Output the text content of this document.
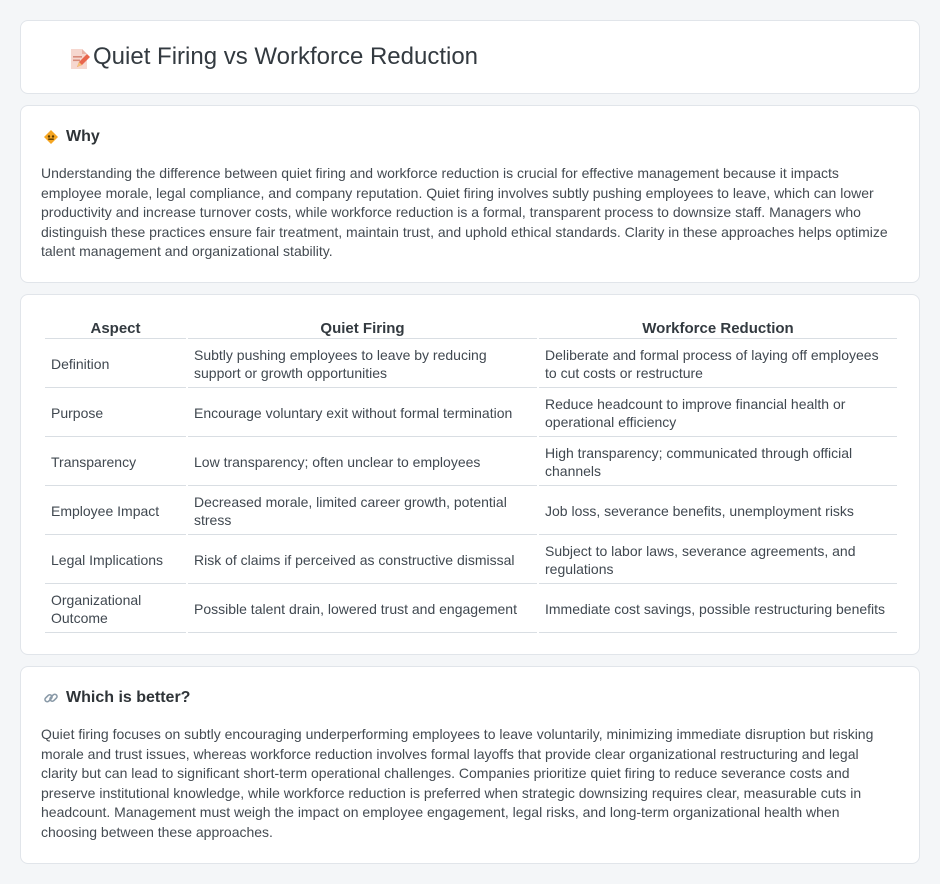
Quiet Firing vs Workforce Reduction
Why

Understanding the difference between quiet firing and workforce reduction is crucial for effective management because it impacts employee morale, legal compliance, and company reputation. Quiet firing involves subtly pushing employees to leave, which can lower productivity and increase turnover costs, while workforce reduction is a formal, transparent process to downsize staff. Managers who distinguish these practices ensure fair treatment, maintain trust, and uphold ethical standards. Clarity in these approaches helps optimize talent management and organizational stability.

Aspect	Quiet Firing	Workforce Reduction
Definition	Subtly pushing employees to leave by reducing support or growth opportunities	Deliberate and formal process of laying off employees to cut costs or restructure
Purpose	Encourage voluntary exit without formal termination	Reduce headcount to improve financial health or operational efficiency
Transparency	Low transparency; often unclear to employees	High transparency; communicated through official channels
Employee Impact	Decreased morale, limited career growth, potential stress	Job loss, severance benefits, unemployment risks
Legal Implications	Risk of claims if perceived as constructive dismissal	Subject to labor laws, severance agreements, and regulations
Organizational Outcome	Possible talent drain, lowered trust and engagement	Immediate cost savings, possible restructuring benefits
Which is better?

Quiet firing focuses on subtly encouraging underperforming employees to leave voluntarily, minimizing immediate disruption but risking morale and trust issues, whereas workforce reduction involves formal layoffs that provide clear organizational restructuring and legal clarity but can lead to significant short-term operational challenges. Companies prioritize quiet firing to reduce severance costs and preserve institutional knowledge, while workforce reduction is preferred when strategic downsizing requires clear, measurable cuts in headcount. Management must weigh the impact on employee engagement, legal risks, and long-term organizational health when choosing between these approaches.
